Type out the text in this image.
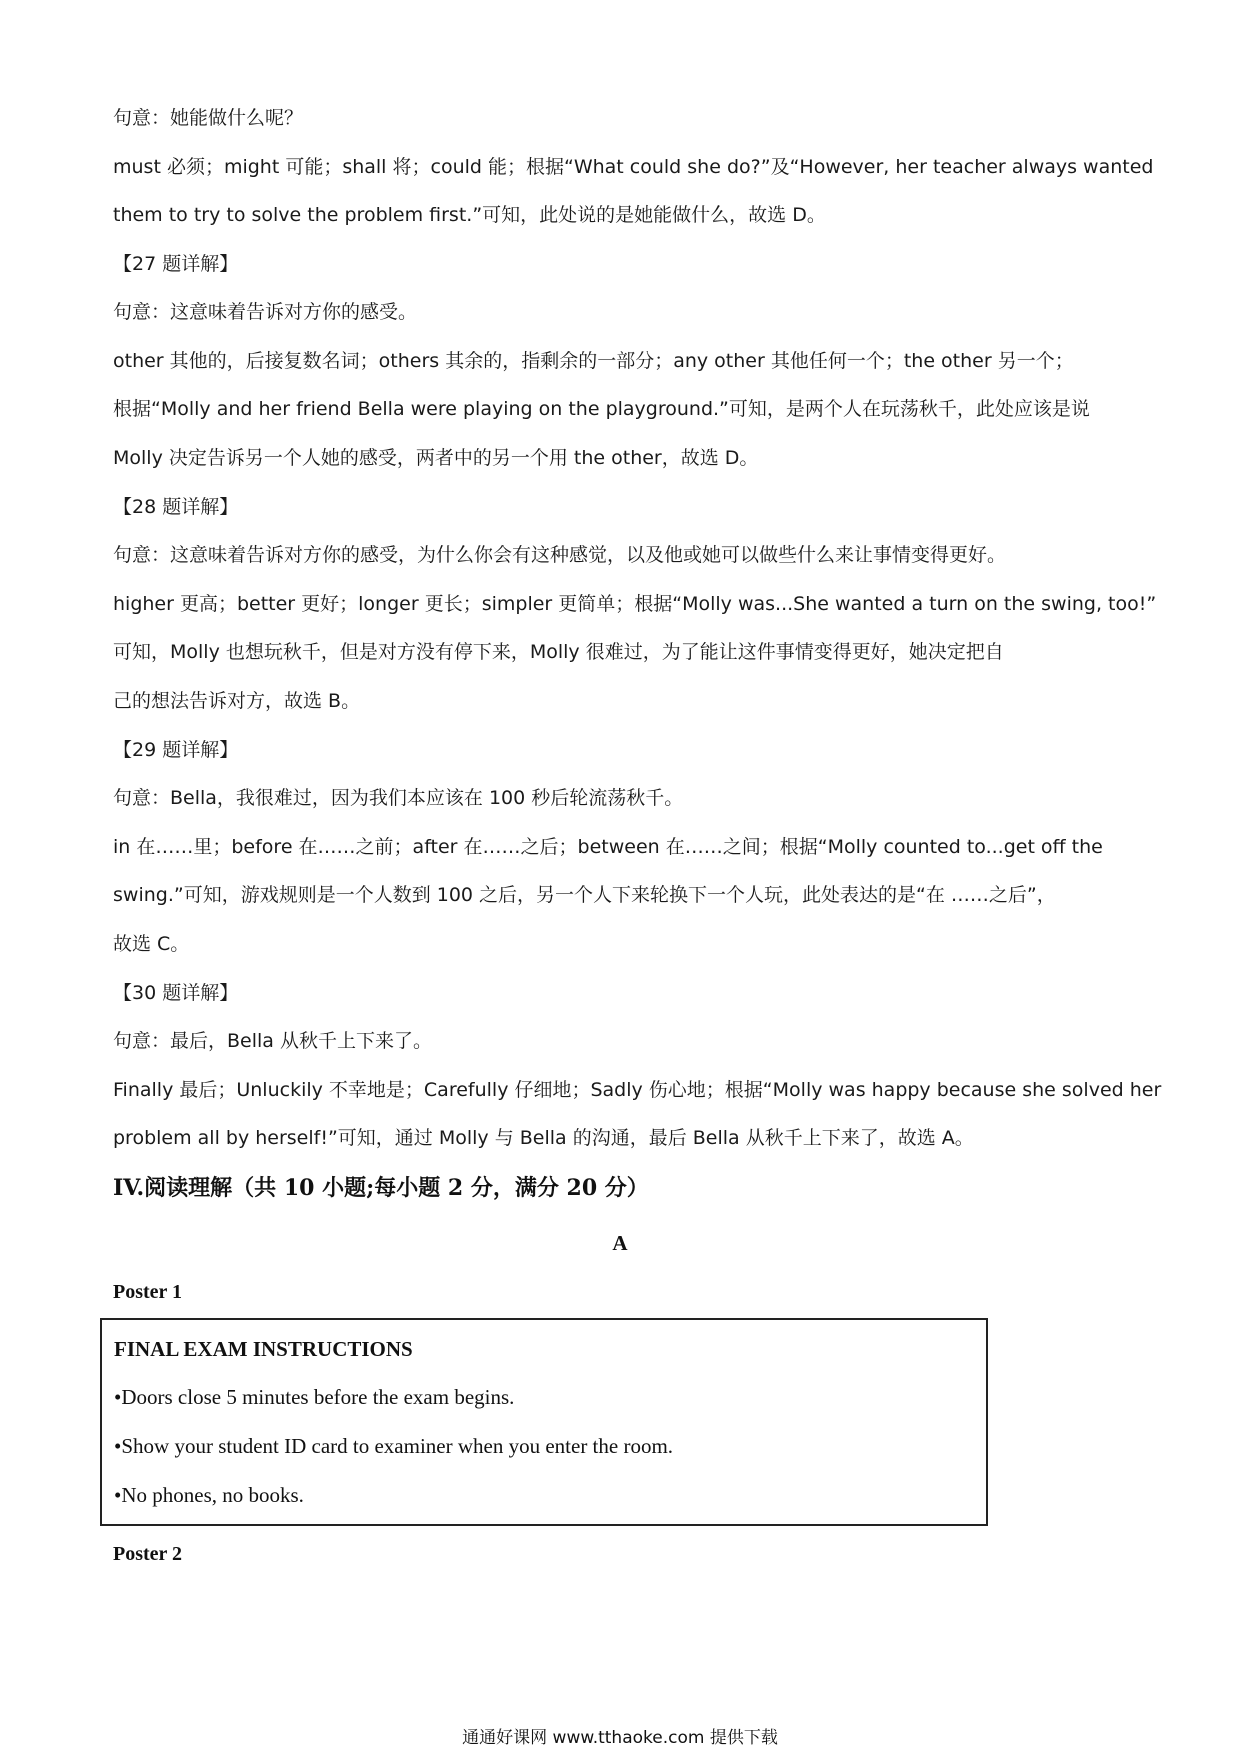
句意：她能做什么呢？
must 必须；might 可能；shall 将；could 能；根据“What could she do?”及“However, her teacher always wanted
them to try to solve the problem first.”可知，此处说的是她能做什么，故选 D。
【27 题详解】
句意：这意味着告诉对方你的感受。
other 其他的，后接复数名词；others 其余的，指剩余的一部分；any other 其他任何一个；the other 另一个；
根据“Molly and her friend Bella were playing on the playground.”可知，是两个人在玩荡秋千，此处应该是说
Molly 决定告诉另一个人她的感受，两者中的另一个用 the other，故选 D。
【28 题详解】
句意：这意味着告诉对方你的感受，为什么你会有这种感觉，以及他或她可以做些什么来让事情变得更好。
higher 更高；better 更好；longer 更长；simpler 更简单；根据“Molly was...She wanted a turn on the swing, too!”
可知，Molly 也想玩秋千，但是对方没有停下来，Molly 很难过，为了能让这件事情变得更好，她决定把自
己的想法告诉对方，故选 B。
【29 题详解】
句意：Bella，我很难过，因为我们本应该在 100 秒后轮流荡秋千。
in 在……里；before 在……之前；after 在……之后；between 在……之间；根据“Molly counted to...get off the
swing.”可知，游戏规则是一个人数到 100 之后，另一个人下来轮换下一个人玩，此处表达的是“在 ……之后”，
故选 C。
【30 题详解】
句意：最后，Bella 从秋千上下来了。
Finally 最后；Unluckily 不幸地是；Carefully 仔细地；Sadly 伤心地；根据“Molly was happy because she solved her
problem all by herself!”可知，通过 Molly 与 Bella 的沟通，最后 Bella 从秋千上下来了，故选 A。
IV.阅读理解（共 10 小题;每小题 2 分，满分 20 分）
A
Poster 1
FINAL EXAM INSTRUCTIONS
•Doors close 5 minutes before the exam begins.
•Show your student ID card to examiner when you enter the room.
•No phones, no books.
Poster 2
通通好课网 www.tthaoke.com 提供下载
